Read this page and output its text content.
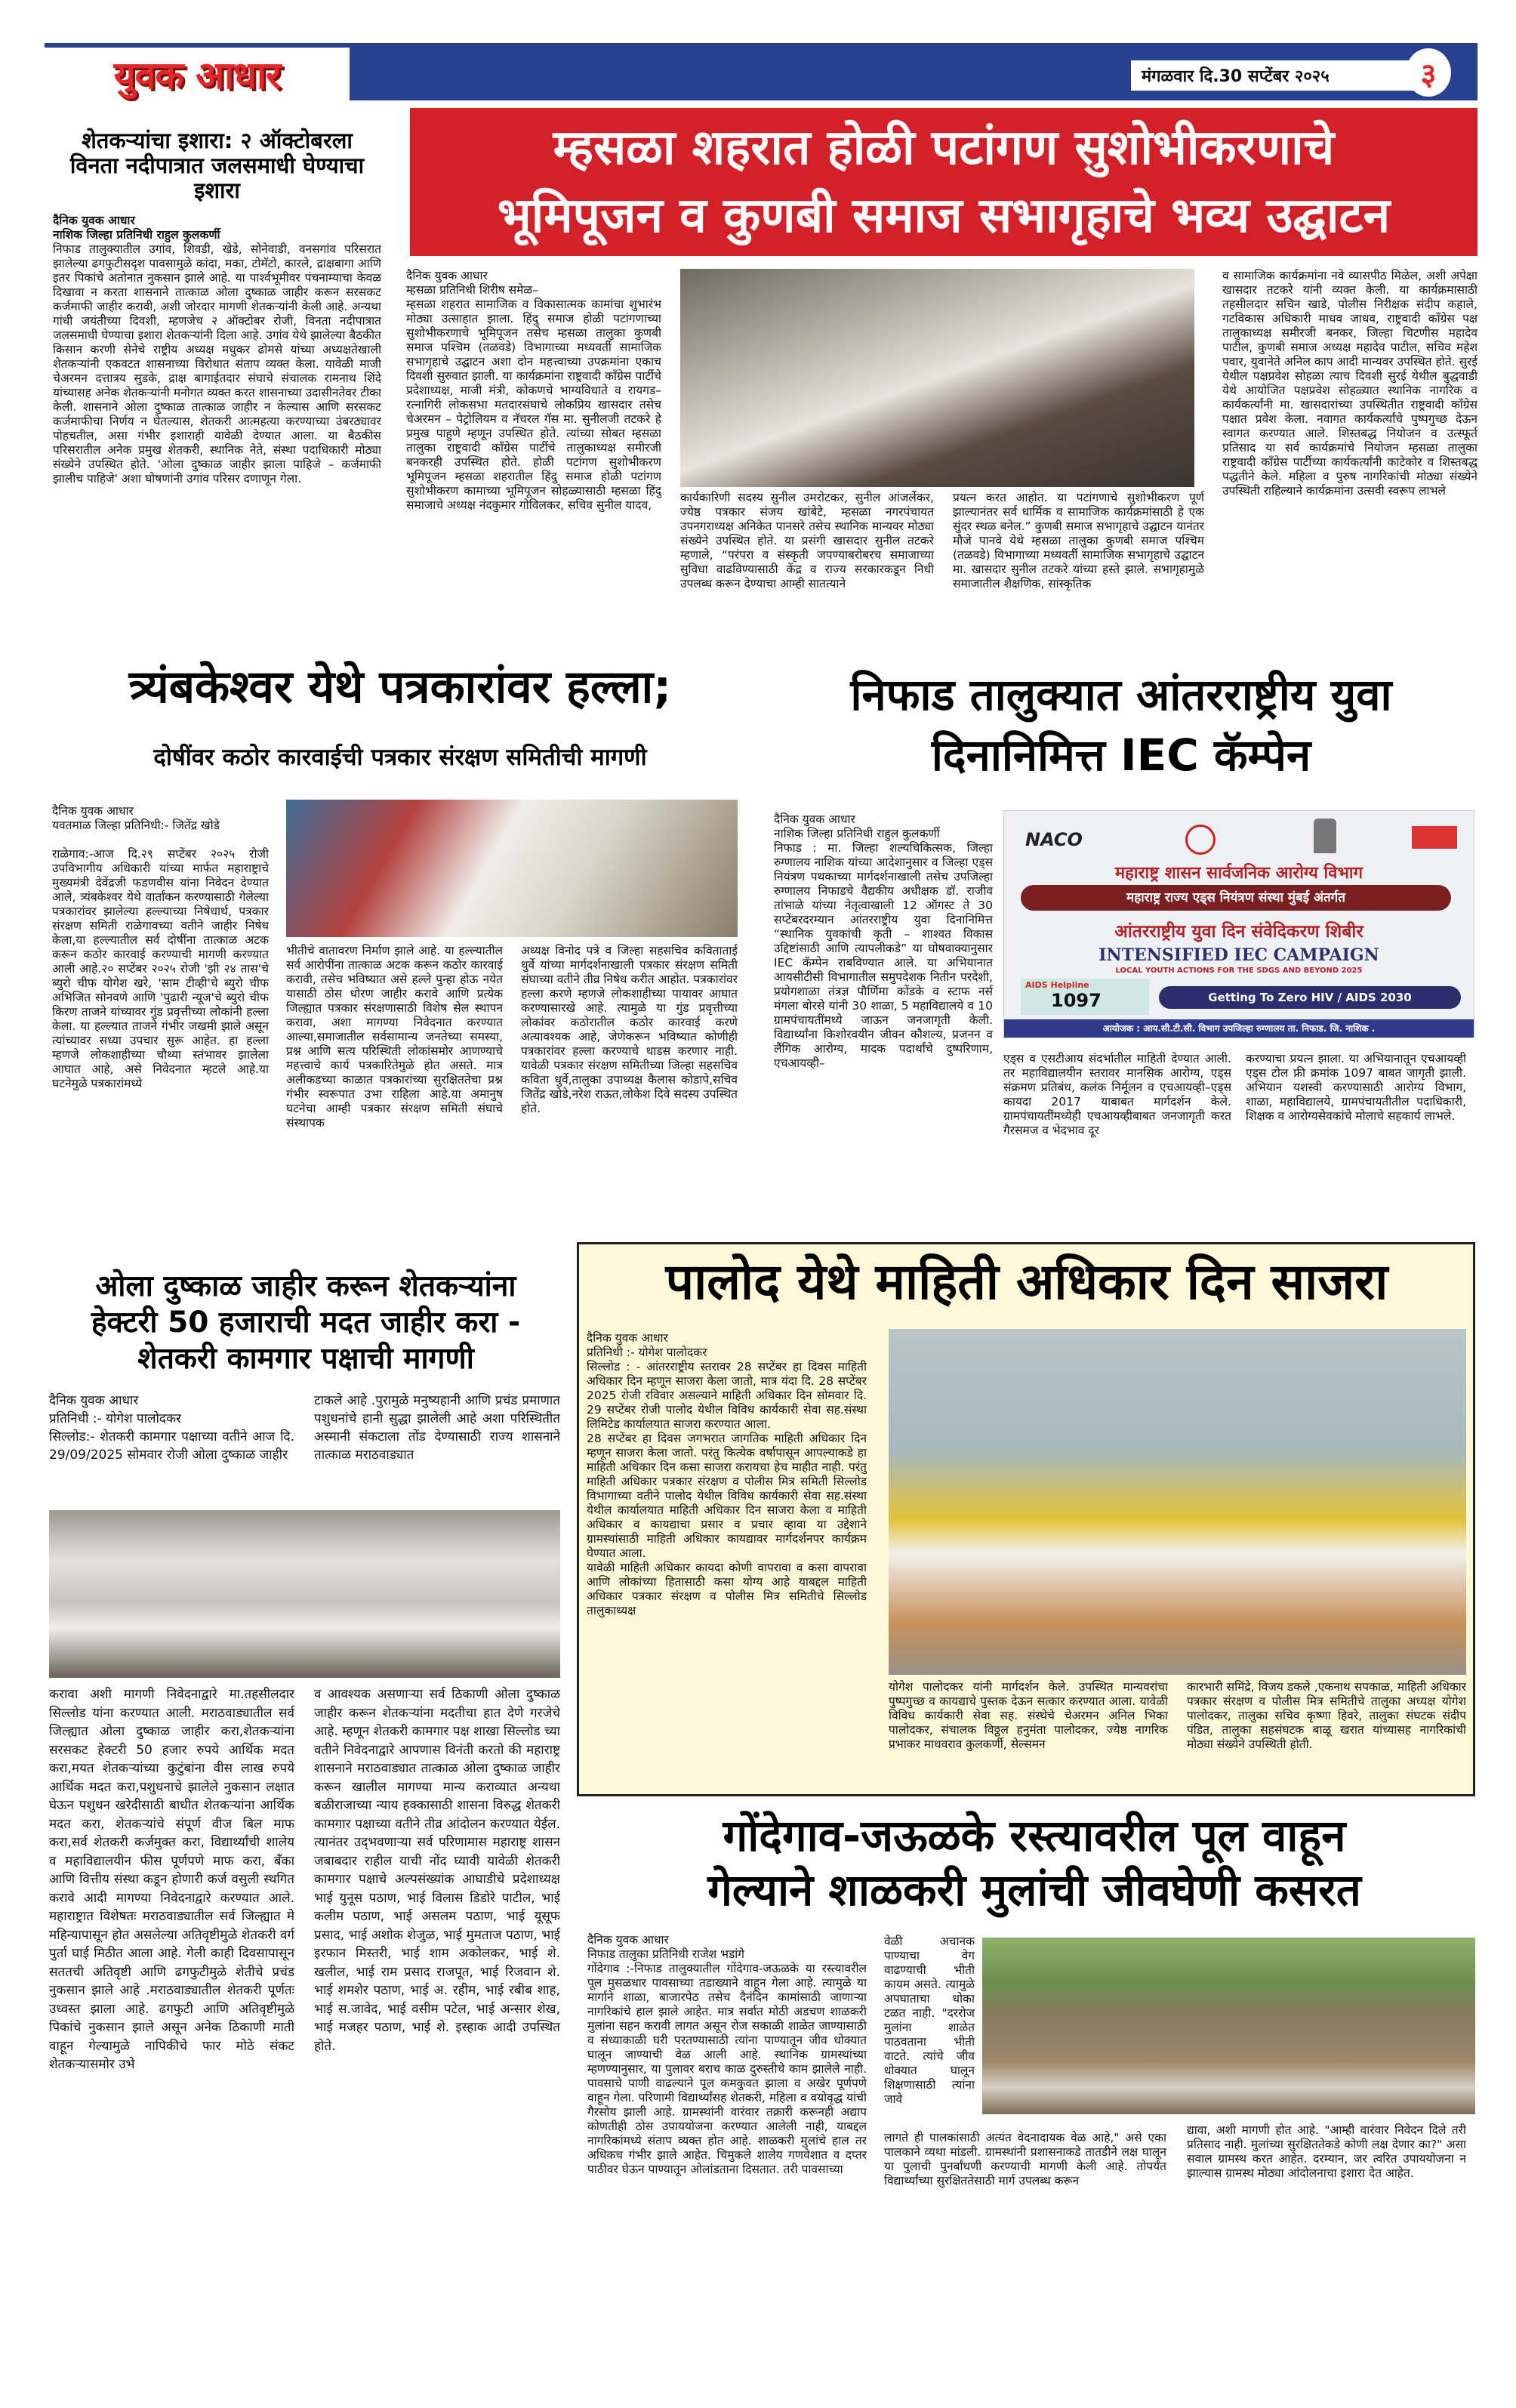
युवक आधार	मंगळवार दि.30 सप्टेंबर २०२५	३
म्हसळा शहरात होळी पटांगण सुशोभीकरणाचे
भूमिपूजन व कुणबी समाज सभागृहाचे भव्य उद्घाटन
दैनिक युवक आधार
म्हसळा प्रतिनिधी शिरीष समेळ–
म्हसळा शहरात सामाजिक व विकासात्मक कामांचा शुभारंभ मोठ्या उत्साहात झाला. हिंदु समाज होळी पटांगणाच्या सुशोभीकरणाचे भूमिपूजन तसेच म्हसळा तालुका कुणबी समाज पश्चिम (तळवडे) विभागाच्या मध्यवर्ती सामाजिक सभागृहाचे उद्घाटन अशा दोन महत्त्वाच्या उपक्रमांना एकाच दिवशी सुरुवात झाली. या कार्यक्रमांना राष्ट्रवादी काँग्रेस पार्टीचे प्रदेशाध्यक्ष, माजी मंत्री, कोकणचे भाग्यविधाते व रायगड–रत्नागिरी लोकसभा मतदारसंघाचे लोकप्रिय खासदार तसेच चेअरमन – पेट्रोलियम व नॅचरल गॅस मा. सुनीलजी तटकरे हे प्रमुख पाहुणे म्हणून उपस्थित होते. त्यांच्या सोबत म्हसळा तालुका राष्ट्रवादी काँग्रेस पार्टीचे तालुकाध्यक्ष समीरजी बनकरही उपस्थित होते. होळी पटांगण सुशोभीकरण भूमिपूजन म्हसळा शहरातील हिंदु समाज होळी पटांगण सुशोभीकरण कामाच्या भूमिपूजन सोहळ्यासाठी म्हसळा हिंदु समाजाचे अध्यक्ष नंदकुमार गोविलकर, सचिव सुनील यादव,
कार्यकारिणी सदस्य सुनील उमरोटकर, सुनील आंजर्लेकर, ज्येष्ठ पत्रकार संजय खांबेटे, म्हसळा नगरपंचायत उपनगराध्यक्ष अनिकेत पानसरे तसेच स्थानिक मान्यवर मोठ्या संख्येने उपस्थित होते. या प्रसंगी खासदार सुनील तटकरे म्हणाले, “परंपरा व संस्कृती जपण्याबरोबरच समाजाच्या सुविधा वाढविण्यासाठी केंद्र व राज्य सरकारकडून निधी उपलब्ध करून देण्याचा आम्ही सातत्याने
प्रयत्न करत आहोत. या पटांगणाचे सुशोभीकरण पूर्ण झाल्यानंतर सर्व धार्मिक व सामाजिक कार्यक्रमांसाठी हे एक सुंदर स्थळ बनेल.” कुणबी समाज सभागृहाचे उद्घाटन यानंतर मौजे पानवे येथे म्हसळा तालुका कुणबी समाज पश्चिम (तळवडे) विभागाच्या मध्यवर्ती सामाजिक सभागृहाचे उद्घाटन मा. खासदार सुनील तटकरे यांच्या हस्ते झाले. सभागृहामुळे समाजातील शैक्षणिक, सांस्कृतिक
व सामाजिक कार्यक्रमांना नवे व्यासपीठ मिळेल, अशी अपेक्षा खासदार तटकरे यांनी व्यक्त केली. या कार्यक्रमासाठी तहसीलदार सचिन खाडे, पोलीस निरीक्षक संदीप कहाले, गटविकास अधिकारी माधव जाधव, राष्ट्रवादी काँग्रेस पक्ष तालुकाध्यक्ष समीरजी बनकर, जिल्हा चिटणीस महादेव पाटील, कुणबी समाज अध्यक्ष महादेव पाटील, सचिव महेश पवार, युवानेते अनिल काप आदी मान्यवर उपस्थित होते. सुरई येथील पक्षप्रवेश सोहळा त्याच दिवशी सुरई येथील बुद्धवाडी येथे आयोजित पक्षप्रवेश सोहळ्यात स्थानिक नागरिक व कार्यकर्त्यांनी मा. खासदारांच्या उपस्थितीत राष्ट्रवादी काँग्रेस पक्षात प्रवेश केला. नवागत कार्यकर्त्यांचे पुष्पगुच्छ देऊन स्वागत करण्यात आले. शिस्तबद्ध नियोजन व उत्स्फूर्त प्रतिसाद या सर्व कार्यक्रमांचे नियोजन म्हसळा तालुका राष्ट्रवादी काँग्रेस पार्टीच्या कार्यकर्त्यांनी काटेकोर व शिस्तबद्ध पद्धतीने केले. महिला व पुरुष नागरिकांची मोठ्या संख्येने उपस्थिती राहिल्याने कार्यक्रमांना उत्सवी स्वरूप लाभले
शेतकऱ्यांचा इशारा: २ ऑक्टोबरला विनता नदीपात्रात जलसमाधी घेण्याचा इशारा
दैनिक युवक आधार
नाशिक जिल्हा प्रतिनिधी राहुल कुलकर्णी
निफाड तालुक्यातील उगांव, शिवडी, खेडे, सोनेवाडी, वनसगांव परिसरात झालेल्या ढगफुटीसदृश पावसामुळे कांदा, मका, टोमॅटो, कारले, द्राक्षबागा आणि इतर पिकांचे अतोनात नुकसान झाले आहे. या पार्श्वभूमीवर पंचनाम्याचा केवळ दिखावा न करता शासनाने तात्काळ ओला दुष्काळ जाहीर करून सरसकट कर्जमाफी जाहीर करावी, अशी जोरदार मागणी शेतकऱ्यांनी केली आहे. अन्यथा गांधी जयंतीच्या दिवशी, म्हणजेच २ ऑक्टोबर रोजी, विनता नदीपात्रात जलसमाधी घेण्याचा इशारा शेतकऱ्यांनी दिला आहे. उगांव येथे झालेल्या बैठकीत किसान करणी सेनेचे राष्ट्रीय अध्यक्ष मधुकर ढोमसे यांच्या अध्यक्षतेखाली शेतकऱ्यांनी एकवटत शासनाच्या विरोधात संताप व्यक्त केला. यावेळी माजी चेअरमन दत्तात्रय सुडके, द्राक्ष बागाईतदार संघाचे संचालक रामनाथ शिंदे यांच्यासह अनेक शेतकऱ्यांनी मनोगत व्यक्त करत शासनाच्या उदासीनतेवर टीका केली. शासनाने ओला दुष्काळ तात्काळ जाहीर न केल्यास आणि सरसकट कर्जमाफीचा निर्णय न घेतल्यास, शेतकरी आत्महत्या करण्याच्या उंबरठ्यावर पोहचतील, असा गंभीर इशाराही यावेळी देण्यात आला. या बैठकीस परिसरातील अनेक प्रमुख शेतकरी, स्थानिक नेते, संस्था पदाधिकारी मोठ्या संख्येने उपस्थित होते. 'ओला दुष्काळ जाहीर झाला पाहिजे – कर्जमाफी झालीच पाहिजे' अशा घोषणांनी उगांव परिसर दणाणून गेला.
त्र्यंबकेश्वर येथे पत्रकारांवर हल्ला;
दोषींवर कठोर कारवाईची पत्रकार संरक्षण समितीची मागणी
दैनिक युवक आधार
यवतमाळ जिल्हा प्रतिनिधी:- जितेंद्र खोडे
राळेगाव:-आज दि.२९ सप्टेंबर २०२५ रोजी उपविभागीय अधिकारी यांच्या मार्फत महाराष्ट्राचे मुख्यमंत्री देवेंद्रजी फडणवीस यांना निवेदन देण्यात आले, त्र्यंबकेश्वर येथे वार्तांकन करण्यासाठी गेलेल्या पत्रकारांवर झालेल्या हल्ल्याच्या निषेधार्थ, पत्रकार संरक्षण समिती राळेगावच्या वतीने जाहीर निषेध केला,या हल्ल्यातील सर्व दोषींना तात्काळ अटक करून कठोर कारवाई करण्याची मागणी करण्यात आली आहे.२० सप्टेंबर २०२५ रोजी 'झी २४ तास'चे ब्युरो चीफ योगेश खरे, 'साम टीव्ही'चे ब्युरो चीफ अभिजित सोनवणे आणि 'पुढारी न्यूज'चे ब्युरो चीफ किरण ताजने यांच्यावर गुंड प्रवृत्तीच्या लोकांनी हल्ला केला. या हल्ल्यात ताजने गंभीर जखमी झाले असून त्यांच्यावर सध्या उपचार सुरू आहेत. हा हल्ला म्हणजे लोकशाहीच्या चौथ्या स्तंभावर झालेला आघात आहे, असे निवेदनात म्हटले आहे.या घटनेमुळे पत्रकारांमध्ये
भीतीचे वातावरण निर्माण झाले आहे. या हल्ल्यातील सर्व आरोपींना तात्काळ अटक करून कठोर कारवाई करावी, तसेच भविष्यात असे हल्ले पुन्हा होऊ नयेत यासाठी ठोस धोरण जाहीर करावे आणि प्रत्येक जिल्ह्यात पत्रकार संरक्षणासाठी विशेष सेल स्थापन करावा, अशा मागण्या निवेदनात करण्यात आल्या,समाजातील सर्वसामान्य जनतेच्या समस्या, प्रश्न आणि सत्य परिस्थिती लोकांसमोर आणण्याचे महत्त्वाचे कार्य पत्रकारितेमुळे होत असते. मात्र अलीकडच्या काळात पत्रकारांच्या सुरक्षिततेचा प्रश्न गंभीर स्वरूपात उभा राहिला आहे.या अमानुष घटनेचा आम्ही पत्रकार संरक्षण समिती संघाचे संस्थापक
अध्यक्ष विनोद पत्रे व जिल्हा सहसचिव कविताताई धुर्वे यांच्या मार्गदर्शनाखाली पत्रकार संरक्षण समिती संघाच्या वतीने तीव्र निषेध करीत आहोत. पत्रकारांवर हल्ला करणे म्हणजे लोकशाहीच्या पायावर आघात करण्यासारखे आहे. त्यामुळे या गुंड प्रवृत्तीच्या लोकांवर कठोरातील कठोर कारवाई करणे अत्यावश्यक आहे, जेणेकरून भविष्यात कोणीही पत्रकारांवर हल्ला करण्याचे धाडस करणार नाही. यावेळी पत्रकार संरक्षण समितीच्या जिल्हा सहसचिव कविता धुर्वे,तालुका उपाध्यक्ष कैलास कोडापे,सचिव जितेंद्र खोडे,नरेश राऊत,लोकेश दिवे सदस्य उपस्थित होते.
निफाड तालुक्यात आंतरराष्ट्रीय युवा
दिनानिमित्त IEC कॅम्पेन
दैनिक युवक आधार
नाशिक जिल्हा प्रतिनिधी राहुल कुलकर्णी
निफाड : मा. जिल्हा शल्यचिकित्सक, जिल्हा रुग्णालय नाशिक यांच्या आदेशानुसार व जिल्हा एड्स नियंत्रण पथकाच्या मार्गदर्शनाखाली तसेच उपजिल्हा रुग्णालय निफाडचे वैद्यकीय अधीक्षक डॉ. राजीव तांभाळे यांच्या नेतृत्वाखाली 12 ऑगस्ट ते 30 सप्टेंबरदरम्यान आंतरराष्ट्रीय युवा दिनानिमित्त “स्थानिक युवकांची कृती – शाश्वत विकास उद्दिष्टांसाठी आणि त्यापलीकडे” या घोषवाक्यानुसार IEC कॅम्पेन राबविण्यात आले. या अभियानात आयसीटीसी विभागातील समुपदेशक नितीन परदेशी, प्रयोगशाळा तंत्रज्ञ पौर्णिमा कोंडके व स्टाफ नर्स मंगला बोरसे यांनी 30 शाळा, 5 महाविद्यालये व 10 ग्रामपंचायतींमध्ये जाऊन जनजागृती केली. विद्यार्थ्यांना किशोरवयीन जीवन कौशल्य, प्रजनन व लैंगिक आरोग्य, मादक पदार्थांचे दुष्परिणाम, एचआयव्ही–
NACO
महाराष्ट्र शासन सार्वजनिक आरोग्य विभाग
महाराष्ट्र राज्य एड्स नियंत्रण संस्था मुंबई अंतर्गत
आंतरराष्ट्रीय युवा दिन संवेदिकरण शिबीर
INTENSIFIED IEC CAMPAIGN
LOCAL YOUTH ACTIONS FOR THE SDGS AND BEYOND 2025
AIDS Helpline
1097	Getting To Zero HIV / AIDS 2030
आयोजक : आय.सी.टी.सी. विभाग उपजिल्हा रुग्णालय ता. निफाड. जि. नाशिक .
एड्स व एसटीआय संदर्भातील माहिती देण्यात आली. तर महाविद्यालयीन स्तरावर मानसिक आरोग्य, एड्स संक्रमण प्रतिबंध, कलंक निर्मूलन व एचआयव्ही–एड्स कायदा 2017 याबाबत मार्गदर्शन केले. ग्रामपंचायतींमध्येही एचआयव्हीबाबत जनजागृती करत गैरसमज व भेदभाव दूर
करण्याचा प्रयत्न झाला. या अभियानातून एचआयव्ही एड्स टोल फ्री क्रमांक 1097 बाबत जागृती झाली. अभियान यशस्वी करण्यासाठी आरोग्य विभाग, शाळा, महाविद्यालये, ग्रामपंचायतीतील पदाधिकारी, शिक्षक व आरोग्यसेवकांचे मोलाचे सहकार्य लाभले.
ओला दुष्काळ जाहीर करून शेतकऱ्यांना हेक्टरी 50 हजाराची मदत जाहीर करा - शेतकरी कामगार पक्षाची मागणी
दैनिक युवक आधार
प्रतिनिधी :- योगेश पालोदकर
सिल्लोड:- शेतकरी कामगार पक्षाच्या वतीने आज दि. 29/09/2025 सोमवार रोजी ओला दुष्काळ जाहीर
टाकले आहे .पुरामुळे मनुष्यहानी आणि प्रचंड प्रमाणात पशुधनांचे हानी सुद्धा झालेली आहे अशा परिस्थितीत अस्मानी संकटाला तोंड देण्यासाठी राज्य शासनाने तात्काळ मराठवाड्यात
करावा अशी मागणी निवेदनाद्वारे मा.तहसीलदार सिल्लोड यांना करण्यात आली. मराठवाड्यातील सर्व जिल्ह्यात ओला दुष्काळ जाहीर करा,शेतकऱ्यांना सरसकट हेक्टरी 50 हजार रुपये आर्थिक मदत करा,मयत शेतकऱ्यांच्या कुटुंबांना वीस लाख रुपये आर्थिक मदत करा,पशुधनाचे झालेले नुकसान लक्षात घेऊन पशुधन खरेदीसाठी बाधीत शेतकऱ्यांना आर्थिक मदत करा, शेतकऱ्यांचे संपूर्ण वीज बिल माफ करा,सर्व शेतकरी कर्जमुक्त करा, विद्यार्थ्यांची शालेय व महाविद्यालयीन फीस पूर्णपणे माफ करा, बँका आणि वित्तीय संस्था कडून होणारी कर्ज वसुली स्थगित करावे आदी मागण्या निवेदनाद्वारे करण्यात आले. महाराष्ट्रात विशेषतः मराठवाड्यातील सर्व जिल्ह्यात मे महिन्यापासून होत असलेल्या अतिवृष्टीमुळे शेतकरी वर्ग पुर्ता घाई मिठीत आला आहे. गेली काही दिवसापासून सततची अतिवृष्टी आणि ढगफुटीमुळे शेतीचे प्रचंड नुकसान झाले आहे .मराठवाड्यातील शेतकरी पूर्णतः उध्वस्त झाला आहे. ढगफुटी आणि अतिवृष्टीमुळे पिकांचे नुकसान झाले असून अनेक ठिकाणी माती वाहून गेल्यामुळे नापिकीचे फार मोठे संकट शेतकऱ्यासमोर उभे
व आवश्यक असणाऱ्या सर्व ठिकाणी ओला दुष्काळ जाहीर करून शेतकऱ्यांना मदतीचा हात देणे गरजेचे आहे. म्हणून शेतकरी कामगार पक्ष शाखा सिल्लोड च्या वतीने निवेदनाद्वारे आपणास विनंती करतो की महाराष्ट्र शासनाने मराठवाड्यात तात्काळ ओला दुष्काळ जाहीर करून खालील मागण्या मान्य कराव्यात अन्यथा बळीराजाच्या न्याय हक्कासाठी शासना विरुद्ध शेतकरी कामगार पक्षाच्या वतीने तीव्र आंदोलन करण्यात येईल. त्यानंतर उद्‌भवणाऱ्या सर्व परिणामास महाराष्ट्र शासन जबाबदार राहील याची नोंद घ्यावी यावेळी शेतकरी कामगार पक्षाचे अल्पसंख्यांक आघाडीचे प्रदेशाध्यक्ष भाई युनूस पठाण, भाई विलास डिडोरे पाटील, भाई कलीम पठाण, भाई असलम पठाण, भाई यूसूफ प्रसाद, भाई अशोक शेजुळ, भाई मुमताज पठाण, भाई इरफान मिस्तरी, भाई शाम अकोलकर, भाई शे. खलील, भाई राम प्रसाद राजपूत, भाई रिजवान शे. भाई शमशेर पठाण, भाई अ. रहीम, भाई रबीब शाह, भाई स.जावेद, भाई वसीम पटेल, भाई अन्सार शेख, भाई मजहर पठाण, भाई शे. इस्हाक आदी उपस्थित होते.
पालोद येथे माहिती अधिकार दिन साजरा
दैनिक युवक आधार
प्रतिनिधी :- योगेश पालोदकर
सिल्लोड : - आंतरराष्ट्रीय स्तरावर 28 सप्टेंबर हा दिवस माहिती अधिकार दिन म्हणून साजरा केला जातो, मात्र यंदा दि. 28 सप्टेंबर 2025 रोजी रविवार असल्याने माहिती अधिकार दिन सोमवार दि. 29 सप्टेंबर रोजी पालोद येथील विविध कार्यकारी सेवा सह.संस्था लिमिटेड कार्यालयात साजरा करण्यात आला.
28 सप्टेंबर हा दिवस जगभरात जागतिक माहिती अधिकार दिन म्हणून साजरा केला जातो. परंतु कित्येक वर्षापासून आपल्याकडे हा माहिती अधिकार दिन कसा साजरा करायचा हेच माहीत नाही. परंतु माहिती अधिकार पत्रकार संरक्षण व पोलीस मित्र समिती सिल्लोड विभागाच्या वतीने पालोद येथील विविध कार्यकारी सेवा सह.संस्था येथील कार्यालयात माहिती अधिकार दिन साजरा केला व माहिती अधिकार व कायद्याचा प्रसार व प्रचार व्हावा या उद्देशाने ग्रामस्थांसाठी माहिती अधिकार कायद्यावर मार्गदर्शनपर कार्यक्रम घेण्यात आला.
यावेळी माहिती अधिकार कायदा कोणी वापरावा व कसा वापरावा आणि लोकांच्या हितासाठी कसा योग्य आहे याबद्दल माहिती अधिकार पत्रकार संरक्षण व पोलीस मित्र समितीचे सिल्लोड तालुकाध्यक्ष
योगेश पालोदकर यांनी मार्गदर्शन केले. उपस्थित मान्यवरांचा पुष्पगुच्छ व कायद्याचे पुस्तक देऊन सत्कार करण्यात आला. यावेळी विविध कार्यकारी सेवा सह. संस्थेचे चेअरमन अनिल भिका पालोदकर, संचालक विठ्ठल हनुमंता पालोदकर, ज्येष्ठ नागरिक प्रभाकर माधवराव कुलकर्णी, सेल्समन
कारभारी समिंद्रे, विजय डकले ,एकनाथ सपकाळ, माहिती अधिकार पत्रकार संरक्षण व पोलीस मित्र समितीचे तालुका अध्यक्ष योगेश पालोदकर, तालुका सचिव कृष्णा हिवरे, तालुका संघटक संदीप पंडित, तालुका सहसंघटक बाळू खरात यांच्यासह नागरिकांची मोठ्या संख्येने उपस्थिती होती.
गोंदेगाव-जऊळके रस्त्यावरील पूल वाहून
गेल्याने शाळकरी मुलांची जीवघेणी कसरत
दैनिक युवक आधार
निफाड तालुका प्रतिनिधी राजेश भडांगे
गोंदेगाव :-निफाड तालुक्यातील गोंदेगाव-जऊळके या रस्त्यावरील पूल मुसळधार पावसाच्या तडाख्याने वाहून गेला आहे. त्यामुळे या मार्गाने शाळा, बाजारपेठ तसेच दैनंदिन कामांसाठी जाणाऱ्या नागरिकांचे हाल झाले आहेत. मात्र सर्वात मोठी अडचण शाळकरी मुलांना सहन करावी लागत असून रोज सकाळी शाळेत जाण्यासाठी व संध्याकाळी घरी परतण्यासाठी त्यांना पाण्यातून जीव धोक्यात घालून जाण्याची वेळ आली आहे. स्थानिक ग्रामस्थांच्या म्हणण्यानुसार, या पुलावर बराच काळ दुरुस्तीचे काम झालेले नाही. पावसाचे पाणी वाढल्याने पूल कमकुवत झाला व अखेर पूर्णपणे वाहून गेला. परिणामी विद्यार्थ्यांसह शेतकरी, महिला व वयोवृद्ध यांची गैरसोय झाली आहे. ग्रामस्थांनी वारंवार तक्रारी करूनही अद्याप कोणतीही ठोस उपाययोजना करण्यात आलेली नाही, याबद्दल नागरिकांमध्ये संताप व्यक्त होत आहे. शाळकरी मुलांचे हाल तर अधिकच गंभीर झाले आहेत. चिमुकले शालेय गणवेशात व दप्तर पाठीवर घेऊन पाण्यातून ओलांडताना दिसतात. तरी पावसाच्या
वेळी अचानक पाण्याचा वेग वाढण्याची भीती कायम असते. त्यामुळे अपघाताचा धोका टळत नाही. "दररोज मुलांना शाळेत पाठवताना भीती वाटते. त्यांचे जीव धोक्यात घालून शिक्षणासाठी त्यांना जावे
लागते ही पालकांसाठी अत्यंत वेदनादायक वेळ आहे," असे एका पालकाने व्यथा मांडली. ग्रामस्थांनी प्रशासनाकडे तातडीने लक्ष घालून या पुलाची पुनर्बांधणी करण्याची मागणी केली आहे. तोपर्यंत विद्यार्थ्यांच्या सुरक्षिततेसाठी मार्ग उपलब्ध करून
द्यावा, अशी मागणी होत आहे. "आम्ही वारंवार निवेदन दिले तरी प्रतिसाद नाही. मुलांच्या सुरक्षिततेकडे कोणी लक्ष देणार का?" असा सवाल ग्रामस्थ करत आहेत. दरम्यान, जर त्वरित उपाययोजना न झाल्यास ग्रामस्थ मोठ्या आंदोलनाचा इशारा देत आहेत.
